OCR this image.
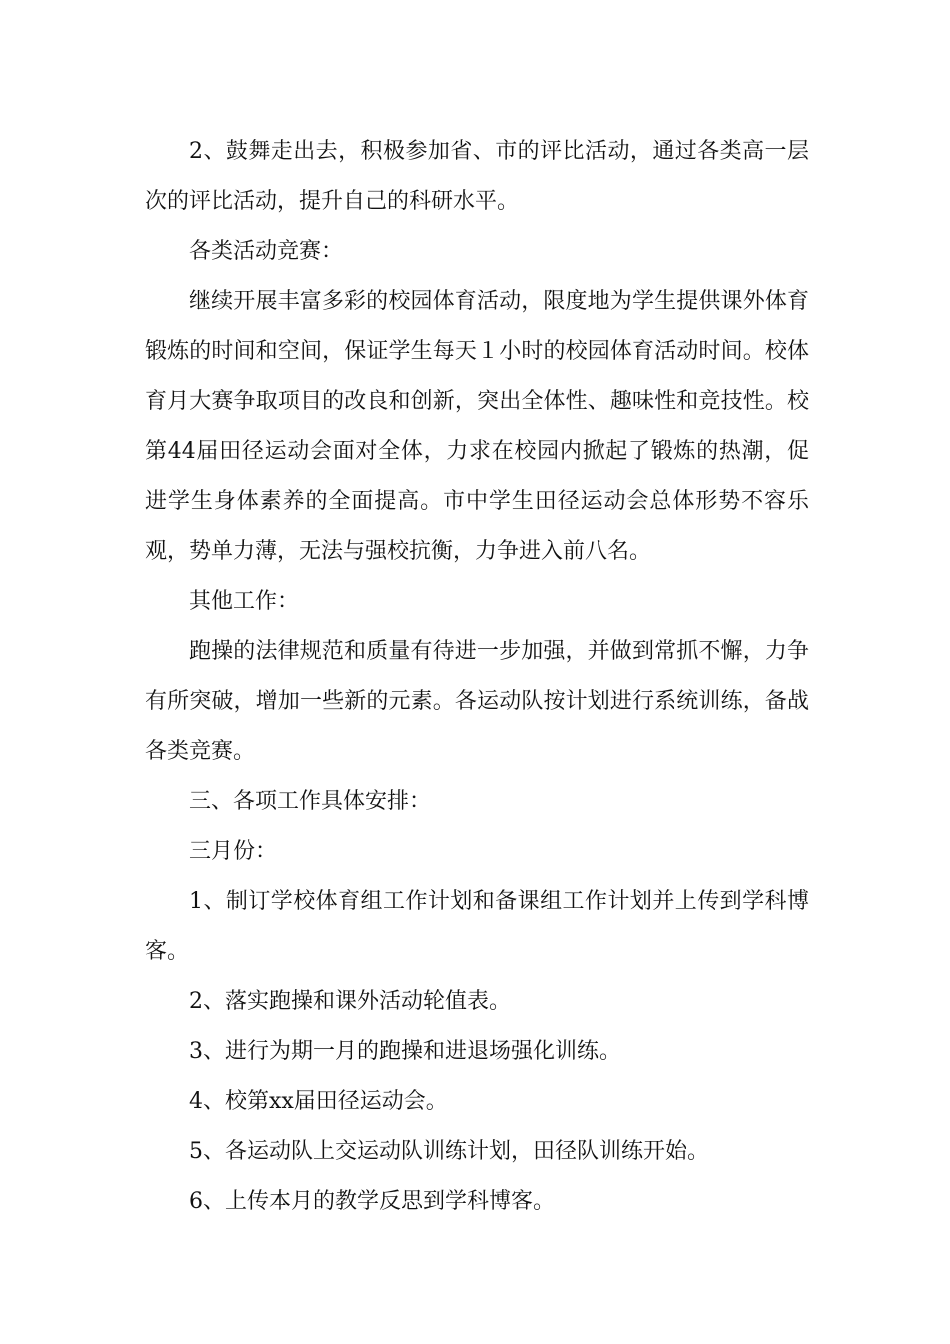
2、鼓舞走出去，积极参加省、市的评比活动，通过各类高一层次的评比活动，提升自己的科研水平。

各类活动竞赛：

继续开展丰富多彩的校园体育活动，限度地为学生提供课外体育锻炼的时间和空间，保证学生每天１小时的校园体育活动时间。校体育月大赛争取项目的改良和创新，突出全体性、趣味性和竞技性。校第44届田径运动会面对全体，力求在校园内掀起了锻炼的热潮，促进学生身体素养的全面提高。市中学生田径运动会总体形势不容乐观，势单力薄，无法与强校抗衡，力争进入前八名。

其他工作：

跑操的法律规范和质量有待进一步加强，并做到常抓不懈，力争有所突破，增加一些新的元素。各运动队按计划进行系统训练，备战各类竞赛。

三、各项工作具体安排：

三月份：

1、制订学校体育组工作计划和备课组工作计划并上传到学科博客。

2、落实跑操和课外活动轮值表。

3、进行为期一月的跑操和进退场强化训练。

4、校第xx届田径运动会。

5、各运动队上交运动队训练计划，田径队训练开始。

6、上传本月的教学反思到学科博客。
